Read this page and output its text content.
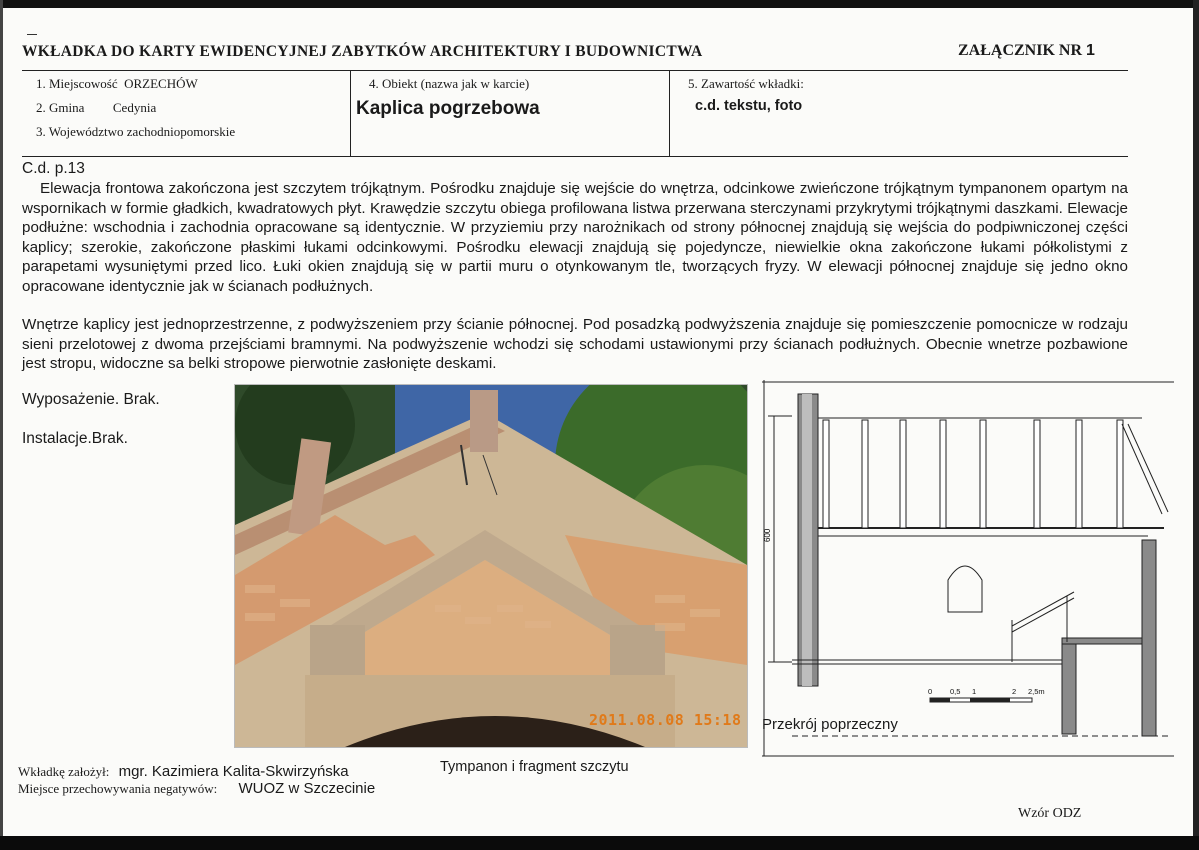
WKŁADKA DO KARTY EWIDENCYJNEJ ZABYTKÓW ARCHITEKTURY I BUDOWNICTWA	ZAŁĄCZNIK NR 1
1. Miejscowość ORZECHÓW
2. Gmina Cedynia
3. Województwo zachodniopomorskie
4. Obiekt (nazwa jak w karcie)
Kaplica pogrzebowa
5. Zawartość wkładki:
c.d. tekstu, foto
C.d. p.13
Elewacja frontowa zakończona jest szczytem trójkątnym. Pośrodku znajduje się wejście do wnętrza, odcinkowe zwieńczone trójkątnym tympanonem opartym na wspornikach w formie gładkich, kwadratowych płyt. Krawędzie szczytu obiega profilowana listwa przerwana sterczynami przykrytymi trójkątnymi daszkami. Elewacje podłużne: wschodnia i zachodnia opracowane są identycznie. W przyziemiu przy narożnikach od strony północnej znajdują się wejścia do podpiwniczonej części kaplicy; szerokie, zakończone płaskimi łukami odcinkowymi. Pośrodku elewacji znajdują się pojedyncze, niewielkie okna zakończone łukami półkolistymi z parapetami wysuniętymi przed lico. Łuki okien znajdują się w partii muru o otynkowanym tle, tworzących fryzy. W elewacji północnej znajduje się jedno okno opracowane identycznie jak w ścianach podłużnych.
Wnętrze kaplicy jest jednoprzestrzenne, z podwyższeniem przy ścianie północnej. Pod posadzką podwyższenia znajduje się pomieszczenie pomocnicze w rodzaju sieni przelotowej z dwoma przejściami bramnymi. Na podwyższenie wchodzi się schodami ustawionymi przy ścianach podłużnych. Obecnie wnetrze pozbawione jest stropu, widoczne sa belki stropowe pierwotnie zasłonięte deskami.
Wyposażenie. Brak.
Instalacje.Brak.
2011.08.08 15:18
600
0 0,5 1	2 2,5m
Przekrój poprzeczny
Tympanon i fragment szczytu
Wkładkę założył: mgr. Kazimiera Kalita-Skwirzyńska
Miejsce przechowywania negatywów: WUOZ w Szczecinie
Wzór ODZ
